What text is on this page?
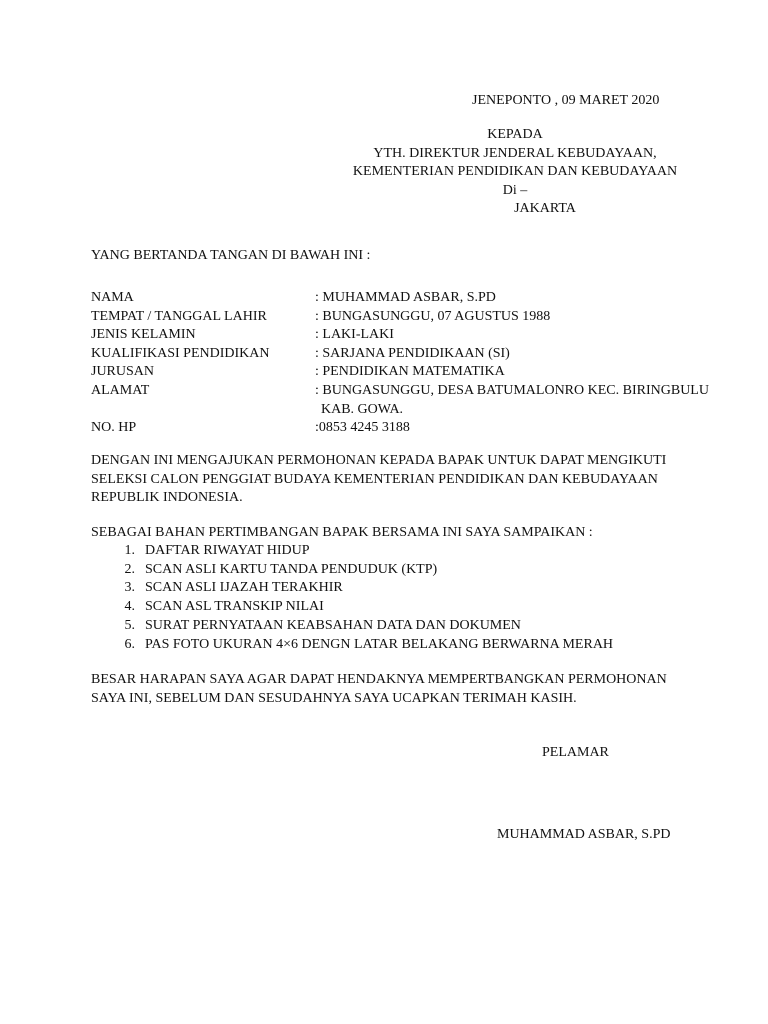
JENEPONTO , 09 MARET 2020
KEPADA
YTH. DIREKTUR JENDERAL KEBUDAYAAN,
KEMENTERIAN PENDIDIKAN DAN KEBUDAYAAN
Di –
JAKARTA
YANG BERTANDA TANGAN DI BAWAH INI :
NAMA	: MUHAMMAD ASBAR, S.PD
TEMPAT / TANGGAL LAHIR	: BUNGASUNGGU, 07 AGUSTUS 1988
JENIS KELAMIN	: LAKI-LAKI
KUALIFIKASI PENDIDIKAN	: SARJANA PENDIDIKAAN (SI)
JURUSAN	: PENDIDIKAN MATEMATIKA
ALAMAT	: BUNGASUNGGU, DESA BATUMALONRO KEC. BIRINGBULU
KAB. GOWA.
NO. HP	:0853 4245 3188
DENGAN INI MENGAJUKAN PERMOHONAN KEPADA BAPAK UNTUK DAPAT MENGIKUTI
SELEKSI CALON PENGGIAT BUDAYA KEMENTERIAN PENDIDIKAN DAN KEBUDAYAAN
REPUBLIK INDONESIA.
SEBAGAI BAHAN PERTIMBANGAN BAPAK BERSAMA INI SAYA SAMPAIKAN :
1. DAFTAR RIWAYAT HIDUP
2. SCAN ASLI KARTU TANDA PENDUDUK (KTP)
3. SCAN ASLI IJAZAH TERAKHIR
4. SCAN ASL TRANSKIP NILAI
5. SURAT PERNYATAAN KEABSAHAN DATA DAN DOKUMEN
6. PAS FOTO UKURAN 4×6 DENGN LATAR BELAKANG BERWARNA MERAH
BESAR HARAPAN SAYA AGAR DAPAT HENDAKNYA MEMPERTBANGKAN PERMOHONAN
SAYA INI, SEBELUM DAN SESUDAHNYA SAYA UCAPKAN TERIMAH KASIH.
PELAMAR
MUHAMMAD ASBAR, S.PD
